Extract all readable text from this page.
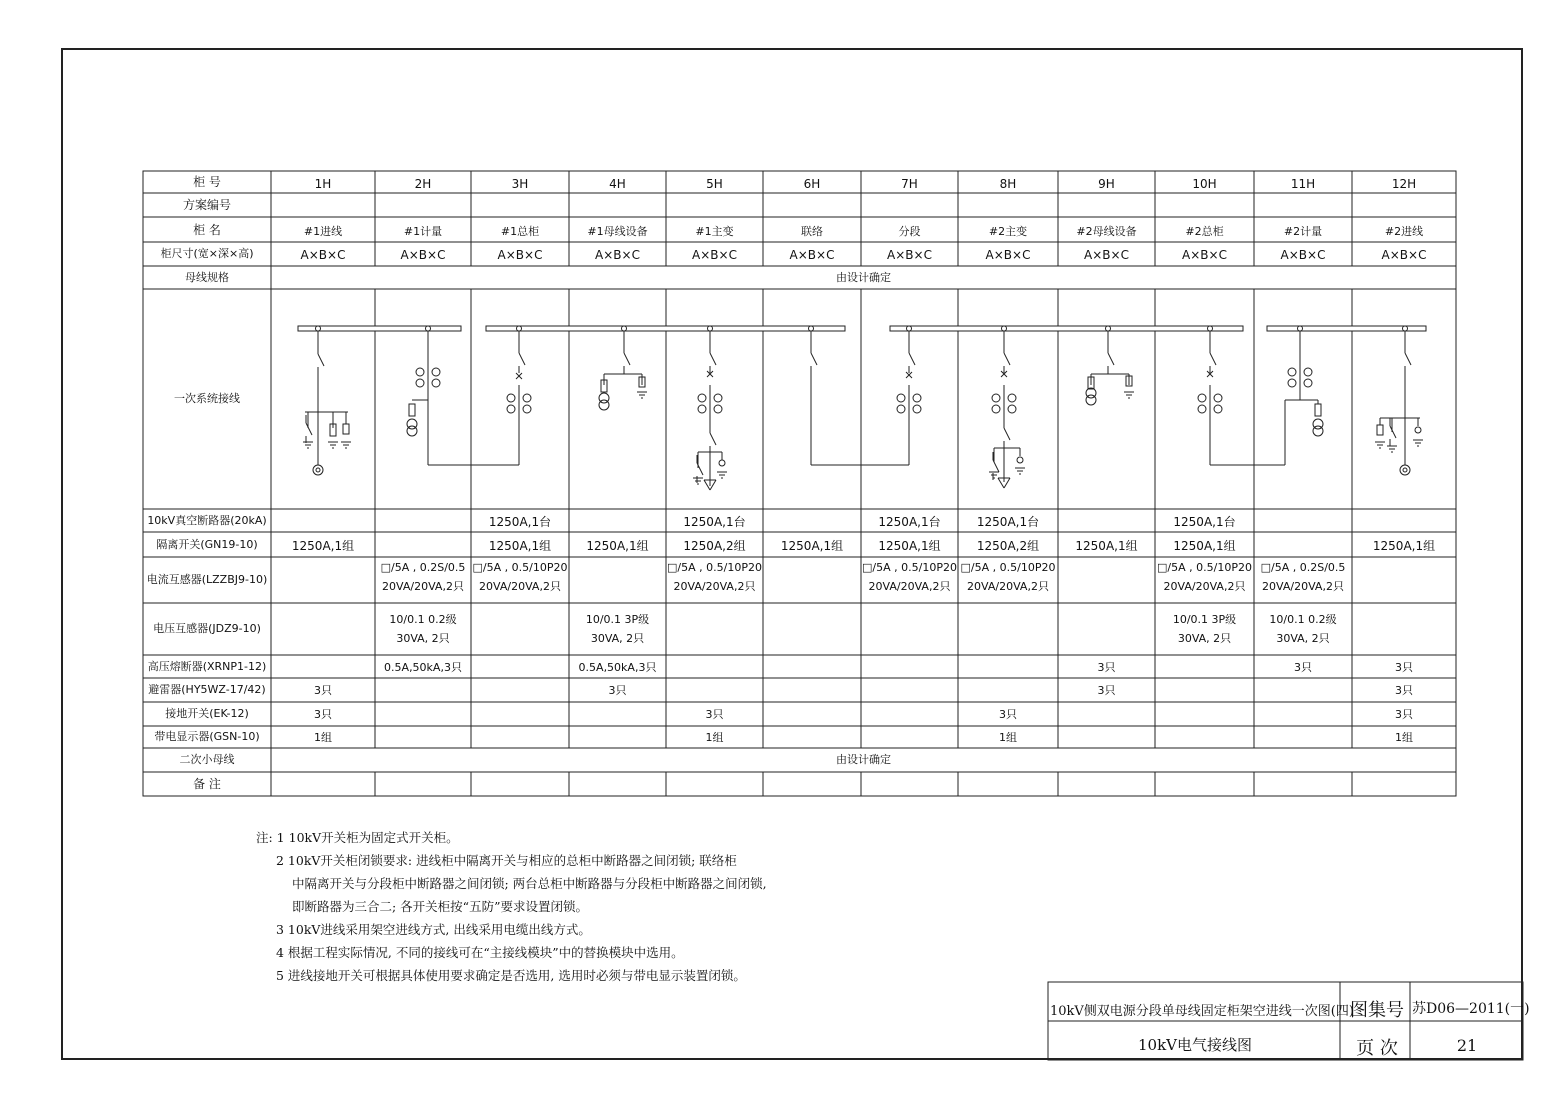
柜 号
方案编号
柜 名
柜尺寸(宽×深×高)
母线规格
一次系统接线
10kV真空断路器(20kA)
隔离开关(GN19-10)
电流互感器(LZZBJ9-10)
电压互感器(JDZ9-10)
高压熔断器(XRNP1-12)
避雷器(HY5WZ-17/42)
接地开关(EK-12)
带电显示器(GSN-10)
二次小母线
备 注
1H
#1进线
A×B×C
1250A,1组
3只
3只
1组
2H
#1计量
A×B×C
□/5A , 0.2S/0.5
20VA/20VA,2只
10/0.1 0.2级
30VA, 2只
0.5A,50kA,3只
3H
#1总柜
A×B×C
1250A,1台
1250A,1组
□/5A , 0.5/10P20
20VA/20VA,2只
4H
#1母线设备
A×B×C
1250A,1组
10/0.1 3P级
30VA, 2只
0.5A,50kA,3只
3只
5H
#1主变
A×B×C
1250A,1台
1250A,2组
□/5A , 0.5/10P20
20VA/20VA,2只
3只
1组
6H
联络
A×B×C
1250A,1组
7H
分段
A×B×C
1250A,1台
1250A,1组
□/5A , 0.5/10P20
20VA/20VA,2只
8H
#2主变
A×B×C
1250A,1台
1250A,2组
□/5A , 0.5/10P20
20VA/20VA,2只
3只
1组
9H
#2母线设备
A×B×C
1250A,1组
3只
3只
10H
#2总柜
A×B×C
1250A,1台
1250A,1组
□/5A , 0.5/10P20
20VA/20VA,2只
10/0.1 3P级
30VA, 2只
11H
#2计量
A×B×C
□/5A , 0.2S/0.5
20VA/20VA,2只
10/0.1 0.2级
30VA, 2只
3只
12H
#2进线
A×B×C
1250A,1组
3只
3只
3只
1组
由设计确定
由设计确定
注: 1 10kV开关柜为固定式开关柜。
2 10kV开关柜闭锁要求: 进线柜中隔离开关与相应的总柜中断路器之间闭锁; 联络柜
中隔离开关与分段柜中断路器之间闭锁; 两台总柜中断路器与分段柜中断路器之间闭锁,
即断路器为三合二; 各开关柜按“五防”要求设置闭锁。
3 10kV进线采用架空进线方式, 出线采用电缆出线方式。
4 根据工程实际情况, 不同的接线可在“主接线模块”中的替换模块中选用。
5 进线接地开关可根据具体使用要求确定是否选用, 选用时必须与带电显示装置闭锁。
10kV侧双电源分段单母线固定柜架空进线一次图(四)
10kV电气接线图
图集号 苏D06—2011(一)
页 次	21
